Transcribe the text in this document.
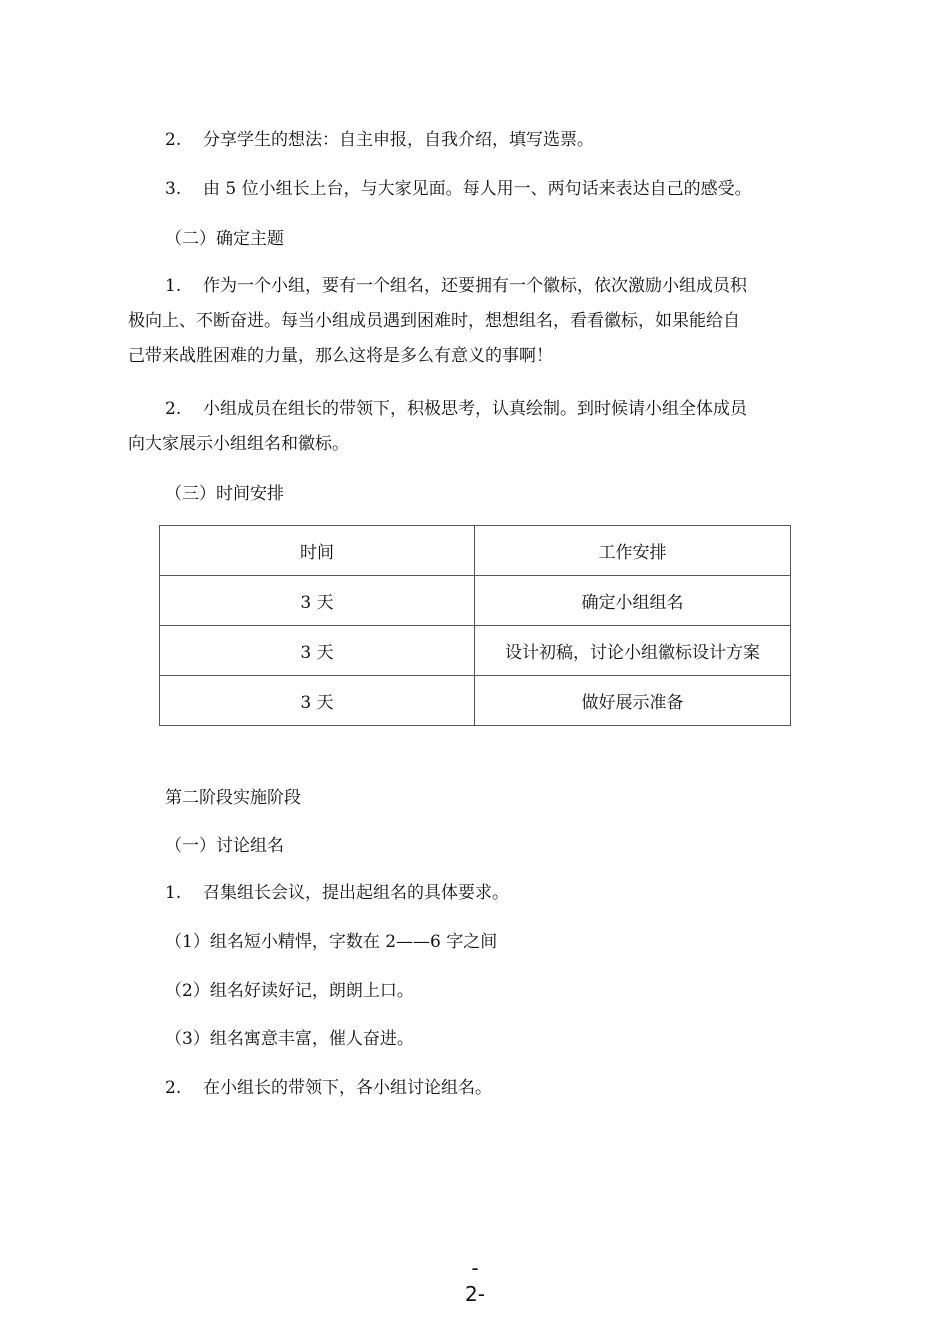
2. 分享学生的想法：自主申报，自我介绍，填写选票。
3. 由 5 位小组长上台，与大家见面。每人用一、两句话来表达自己的感受。
（二）确定主题
1. 作为一个小组，要有一个组名，还要拥有一个徽标，依次激励小组成员积
极向上、不断奋进。每当小组成员遇到困难时，想想组名，看看徽标，如果能给自
己带来战胜困难的力量，那么这将是多么有意义的事啊！
2. 小组成员在组长的带领下，积极思考，认真绘制。到时候请小组全体成员
向大家展示小组组名和徽标。
（三）时间安排
时间	工作安排
3 天	确定小组组名
3 天	设计初稿，讨论小组徽标设计方案
3 天	做好展示准备
第二阶段实施阶段
（一）讨论组名
1. 召集组长会议，提出起组名的具体要求。
（1）组名短小精悍，字数在 2——6 字之间
（2）组名好读好记，朗朗上口。
（3）组名寓意丰富，催人奋进。
2. 在小组长的带领下，各小组讨论组名。
-
2-
